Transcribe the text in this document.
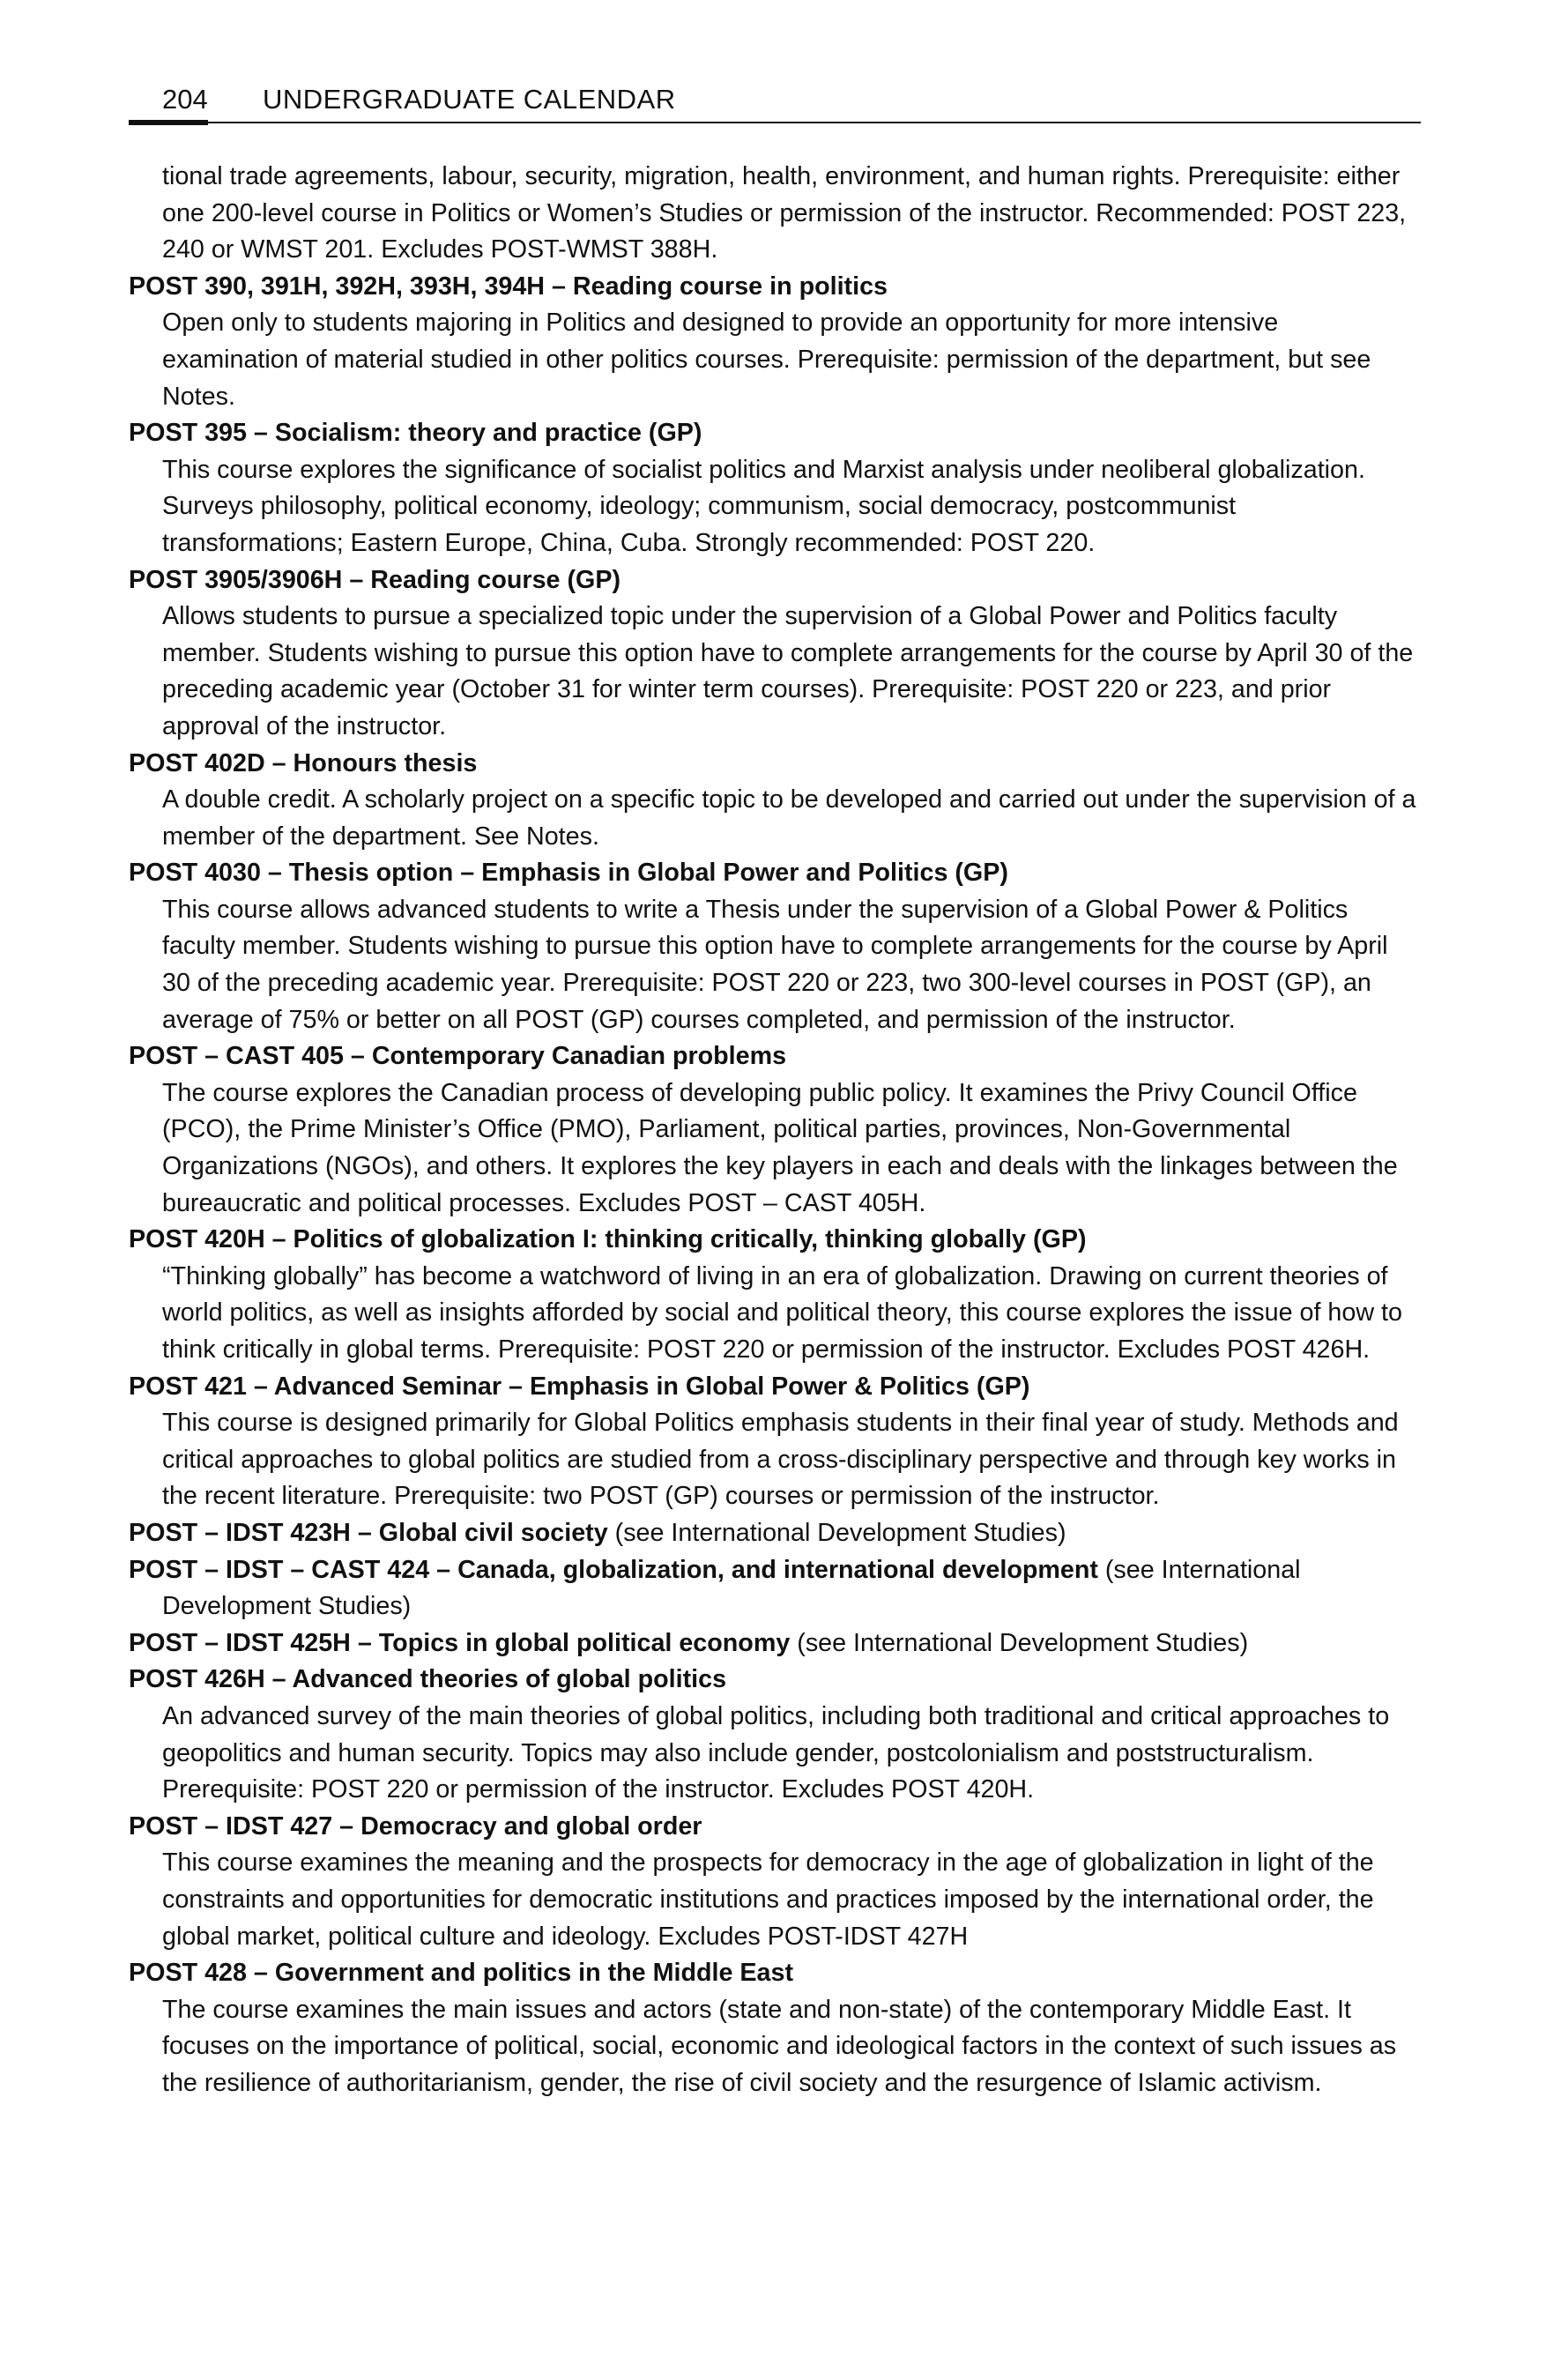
204 UNDERGRADUATE CALENDAR

tional trade agreements, labour, security, migration, health, environment, and human rights. Prerequisite: either one 200-level course in Politics or Women’s Studies or permission of the instructor. Recommended: POST 223, 240 or WMST 201. Excludes POST-WMST 388H.

POST 390, 391H, 392H, 393H, 394H – Reading course in politics

Open only to students majoring in Politics and designed to provide an opportunity for more intensive examination of material studied in other politics courses. Prerequisite: permission of the department, but see Notes.

POST 395 – Socialism: theory and practice (GP)

This course explores the significance of socialist politics and Marxist analysis under neoliberal globalization. Surveys philosophy, political economy, ideology; communism, social democracy, postcommunist transformations; Eastern Europe, China, Cuba. Strongly recommended: POST 220.

POST 3905/3906H – Reading course (GP)

Allows students to pursue a specialized topic under the supervision of a Global Power and Politics faculty member. Students wishing to pursue this option have to complete arrangements for the course by April 30 of the preceding academic year (October 31 for winter term courses). Prerequisite: POST 220 or 223, and prior approval of the instructor.

POST 402D – Honours thesis

A double credit. A scholarly project on a specific topic to be developed and carried out under the supervision of a member of the department. See Notes.

POST 4030 – Thesis option – Emphasis in Global Power and Politics (GP)

This course allows advanced students to write a Thesis under the supervision of a Global Power & Politics faculty member. Students wishing to pursue this option have to complete arrangements for the course by April 30 of the preceding academic year. Prerequisite: POST 220 or 223, two 300-level courses in POST (GP), an average of 75% or better on all POST (GP) courses completed, and permission of the instructor.

POST – CAST 405 – Contemporary Canadian problems

The course explores the Canadian process of developing public policy. It examines the Privy Council Office (PCO), the Prime Minister’s Office (PMO), Parliament, political parties, provinces, Non-Governmental Organizations (NGOs), and others. It explores the key players in each and deals with the linkages between the bureaucratic and political processes. Excludes POST – CAST 405H.

POST 420H – Politics of globalization I: thinking critically, thinking globally (GP)

“Thinking globally” has become a watchword of living in an era of globalization. Drawing on current theories of world politics, as well as insights afforded by social and political theory, this course explores the issue of how to think critically in global terms. Prerequisite: POST 220 or permission of the instructor. Excludes POST 426H.

POST 421 – Advanced Seminar – Emphasis in Global Power & Politics (GP)

This course is designed primarily for Global Politics emphasis students in their final year of study. Methods and critical approaches to global politics are studied from a cross-disciplinary perspective and through key works in the recent literature. Prerequisite: two POST (GP) courses or permission of the instructor.

POST – IDST 423H – Global civil society (see International Development Studies)

POST – IDST – CAST 424 – Canada, globalization, and international development (see International Development Studies)

POST – IDST 425H – Topics in global political economy (see International Development Studies)

POST 426H – Advanced theories of global politics

An advanced survey of the main theories of global politics, including both traditional and critical approaches to geopolitics and human security. Topics may also include gender, postcolonialism and poststructuralism. Prerequisite: POST 220 or permission of the instructor. Excludes POST 420H.

POST – IDST 427 – Democracy and global order

This course examines the meaning and the prospects for democracy in the age of globalization in light of the constraints and opportunities for democratic institutions and practices imposed by the international order, the global market, political culture and ideology. Excludes POST-IDST 427H

POST 428 – Government and politics in the Middle East

The course examines the main issues and actors (state and non-state) of the contemporary Middle East. It focuses on the importance of political, social, economic and ideological factors in the context of such issues as the resilience of authoritarianism, gender, the rise of civil society and the resurgence of Islamic activism.
